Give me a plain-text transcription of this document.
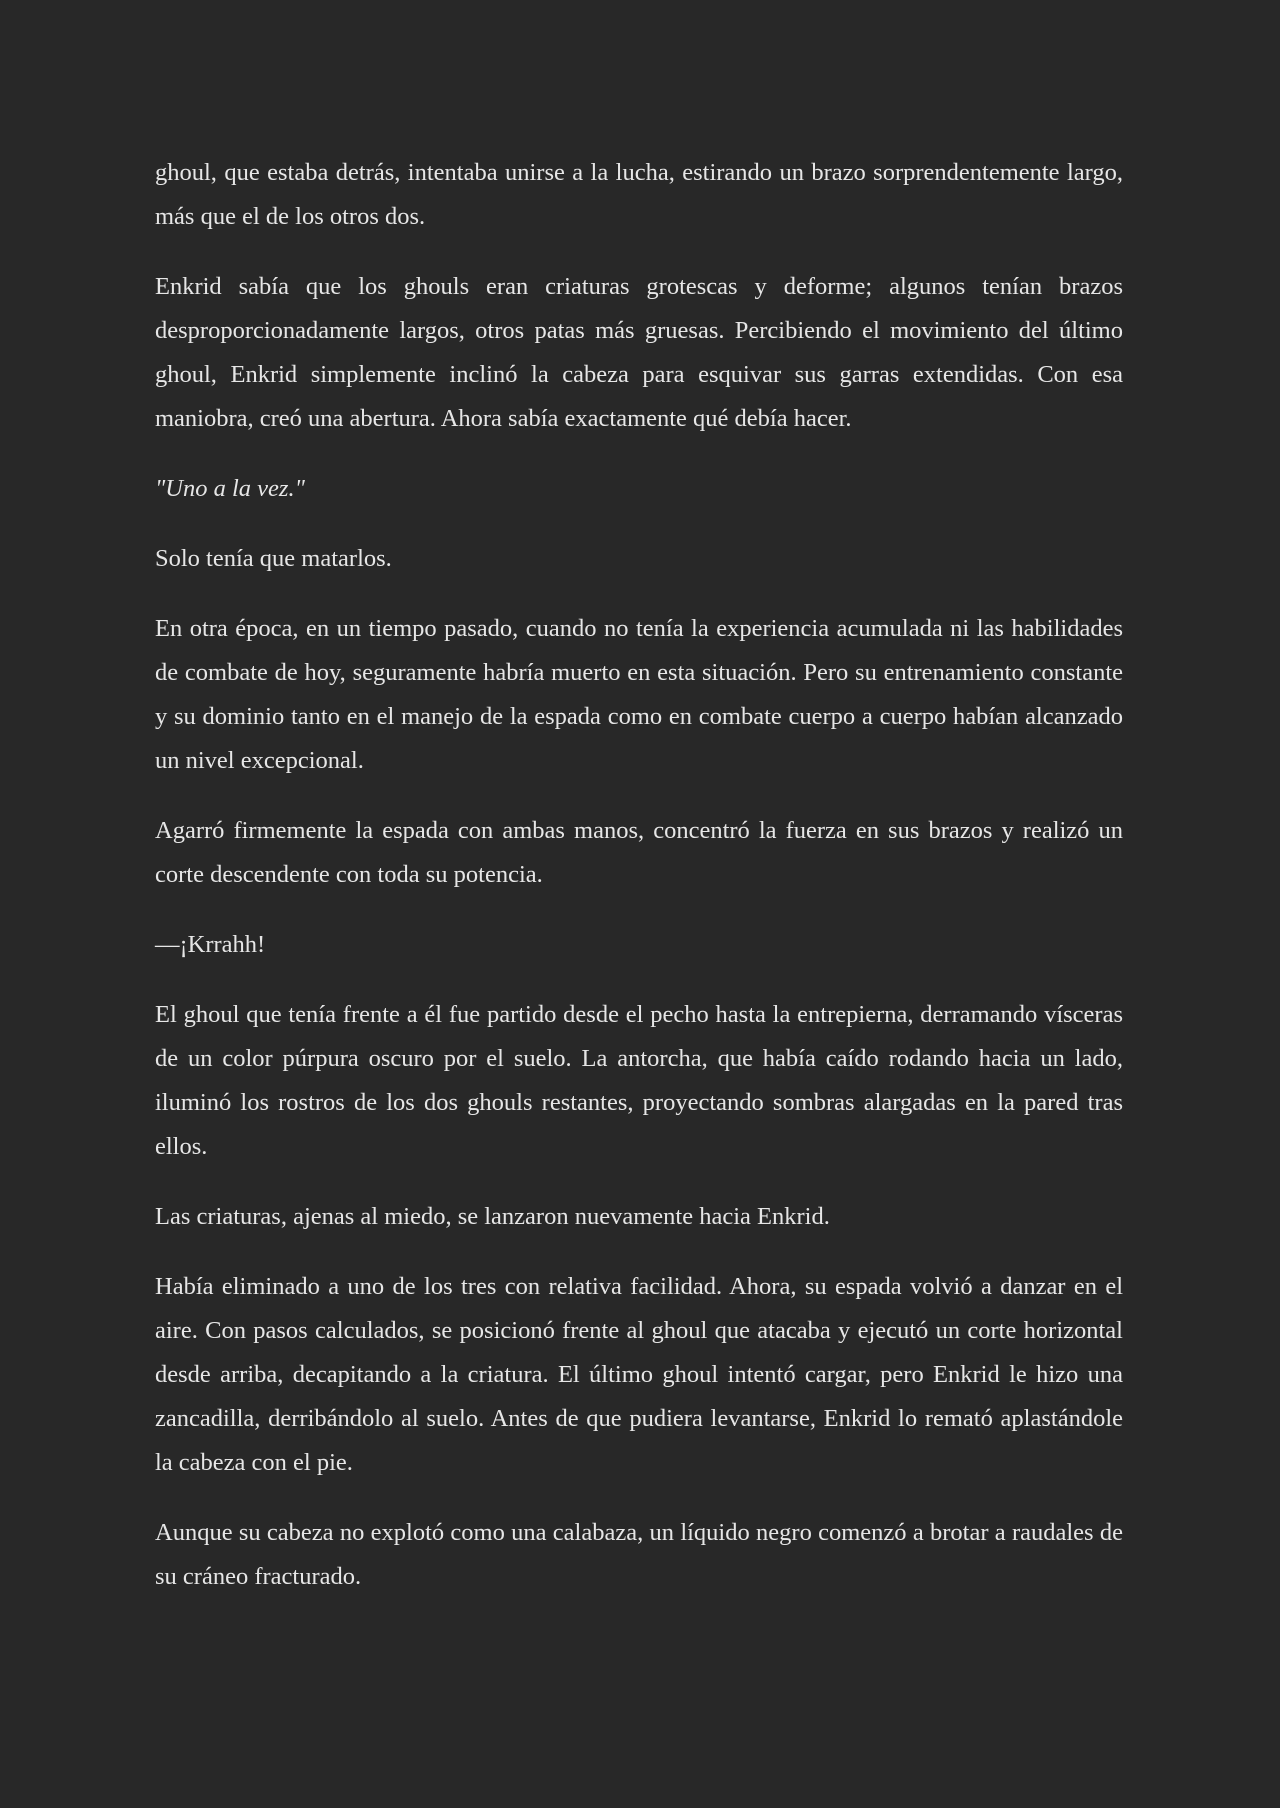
ghoul, que estaba detrás, intentaba unirse a la lucha, estirando un brazo sorprendentemente largo, más que el de los otros dos.

Enkrid sabía que los ghouls eran criaturas grotescas y deforme; algunos tenían brazos desproporcionadamente largos, otros patas más gruesas. Percibiendo el movimiento del último ghoul, Enkrid simplemente inclinó la cabeza para esquivar sus garras extendidas. Con esa maniobra, creó una abertura. Ahora sabía exactamente qué debía hacer.

"Uno a la vez."

Solo tenía que matarlos.

En otra época, en un tiempo pasado, cuando no tenía la experiencia acumulada ni las habilidades de combate de hoy, seguramente habría muerto en esta situación. Pero su entrenamiento constante y su dominio tanto en el manejo de la espada como en combate cuerpo a cuerpo habían alcanzado un nivel excepcional.

Agarró firmemente la espada con ambas manos, concentró la fuerza en sus brazos y realizó un corte descendente con toda su potencia.

—¡Krrahh!

El ghoul que tenía frente a él fue partido desde el pecho hasta la entrepierna, derramando vísceras de un color púrpura oscuro por el suelo. La antorcha, que había caído rodando hacia un lado, iluminó los rostros de los dos ghouls restantes, proyectando sombras alargadas en la pared tras ellos.

Las criaturas, ajenas al miedo, se lanzaron nuevamente hacia Enkrid.

Había eliminado a uno de los tres con relativa facilidad. Ahora, su espada volvió a danzar en el aire. Con pasos calculados, se posicionó frente al ghoul que atacaba y ejecutó un corte horizontal desde arriba, decapitando a la criatura. El último ghoul intentó cargar, pero Enkrid le hizo una zancadilla, derribándolo al suelo. Antes de que pudiera levantarse, Enkrid lo remató aplastándole la cabeza con el pie.

Aunque su cabeza no explotó como una calabaza, un líquido negro comenzó a brotar a raudales de su cráneo fracturado.
